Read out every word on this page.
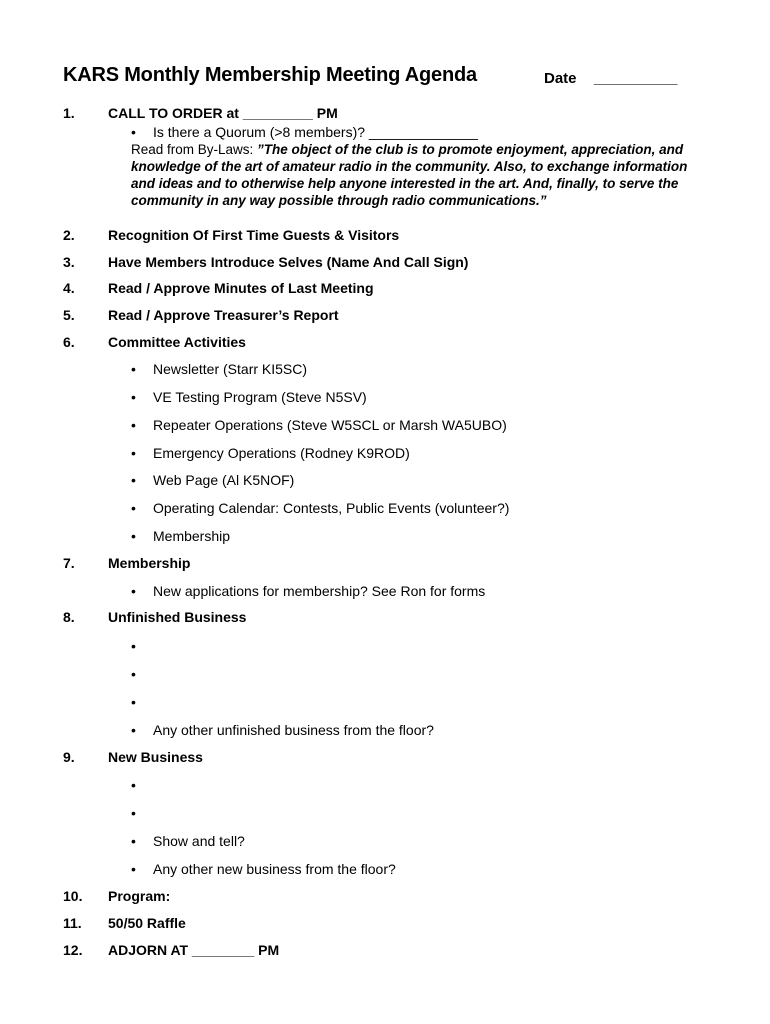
KARS Monthly Membership Meeting Agenda	Date __________
1. CALL TO ORDER at _________ PM
• Is there a Quorum (>8 members)? ______________
Read from By-Laws: ”The object of the club is to promote enjoyment, appreciation, and knowledge of the art of amateur radio in the community. Also, to exchange information and ideas and to otherwise help anyone interested in the art. And, finally, to serve the community in any way possible through radio communications.”
2. Recognition Of First Time Guests & Visitors
3. Have Members Introduce Selves (Name And Call Sign)
4. Read / Approve Minutes of Last Meeting
5. Read / Approve Treasurer’s Report
6. Committee Activities
• Newsletter (Starr KI5SC)
• VE Testing Program (Steve N5SV)
• Repeater Operations (Steve W5SCL or Marsh WA5UBO)
• Emergency Operations (Rodney K9ROD)
• Web Page (Al K5NOF)
• Operating Calendar: Contests, Public Events (volunteer?)
• Membership
7. Membership
• New applications for membership? See Ron for forms
8. Unfinished Business
•
•
•
• Any other unfinished business from the floor?
9. New Business
•
•
• Show and tell?
• Any other new business from the floor?
10. Program:
11. 50/50 Raffle
12. ADJORN AT ________ PM
